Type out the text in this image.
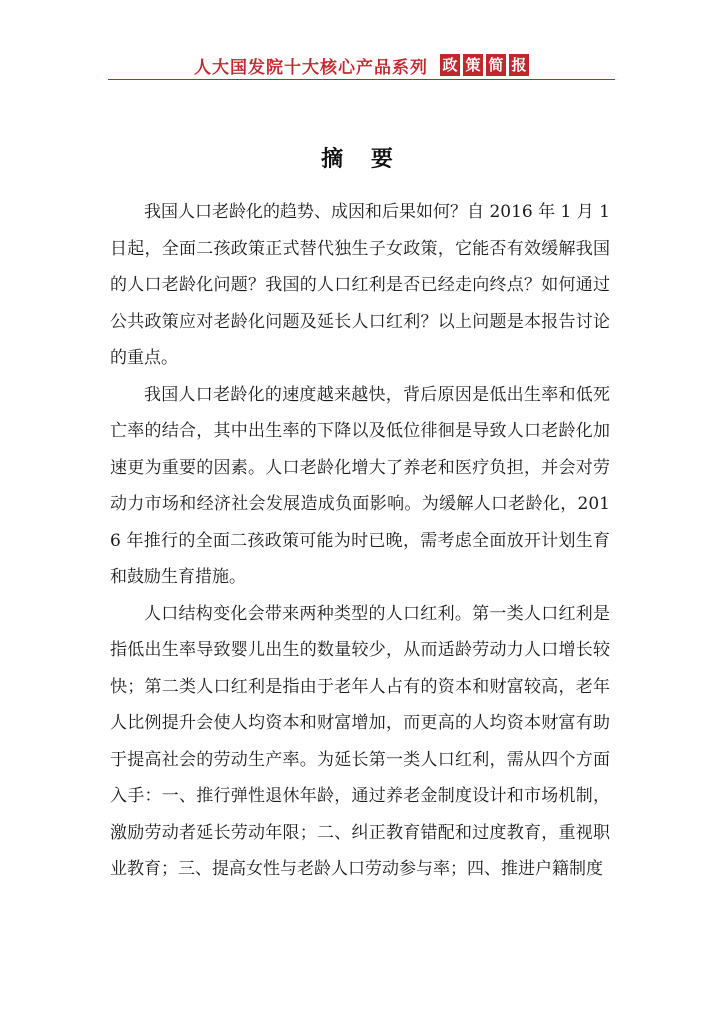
人大国发院十大核心产品系列 政 策 简 报
摘 要

我国人口老龄化的趋势、成因和后果如何？自 2016 年 1 月 1 日起，全面二孩政策正式替代独生子女政策，它能否有效缓解我国的人口老龄化问题？我国的人口红利是否已经走向终点？如何通过公共政策应对老龄化问题及延长人口红利？以上问题是本报告讨论的重点。

我国人口老龄化的速度越来越快，背后原因是低出生率和低死亡率的结合，其中出生率的下降以及低位徘徊是导致人口老龄化加速更为重要的因素。人口老龄化增大了养老和医疗负担，并会对劳动力市场和经济社会发展造成负面影响。为缓解人口老龄化，2016 年推行的全面二孩政策可能为时已晚，需考虑全面放开计划生育和鼓励生育措施。

人口结构变化会带来两种类型的人口红利。第一类人口红利是指低出生率导致婴儿出生的数量较少，从而适龄劳动力人口增长较快；第二类人口红利是指由于老年人占有的资本和财富较高，老年人比例提升会使人均资本和财富增加，而更高的人均资本财富有助于提高社会的劳动生产率。为延长第一类人口红利，需从四个方面入手：一、推行弹性退休年龄，通过养老金制度设计和市场机制，激励劳动者延长劳动年限；二、纠正教育错配和过度教育，重视职业教育；三、提高女性与老龄人口劳动参与率；四、推进户籍制度
